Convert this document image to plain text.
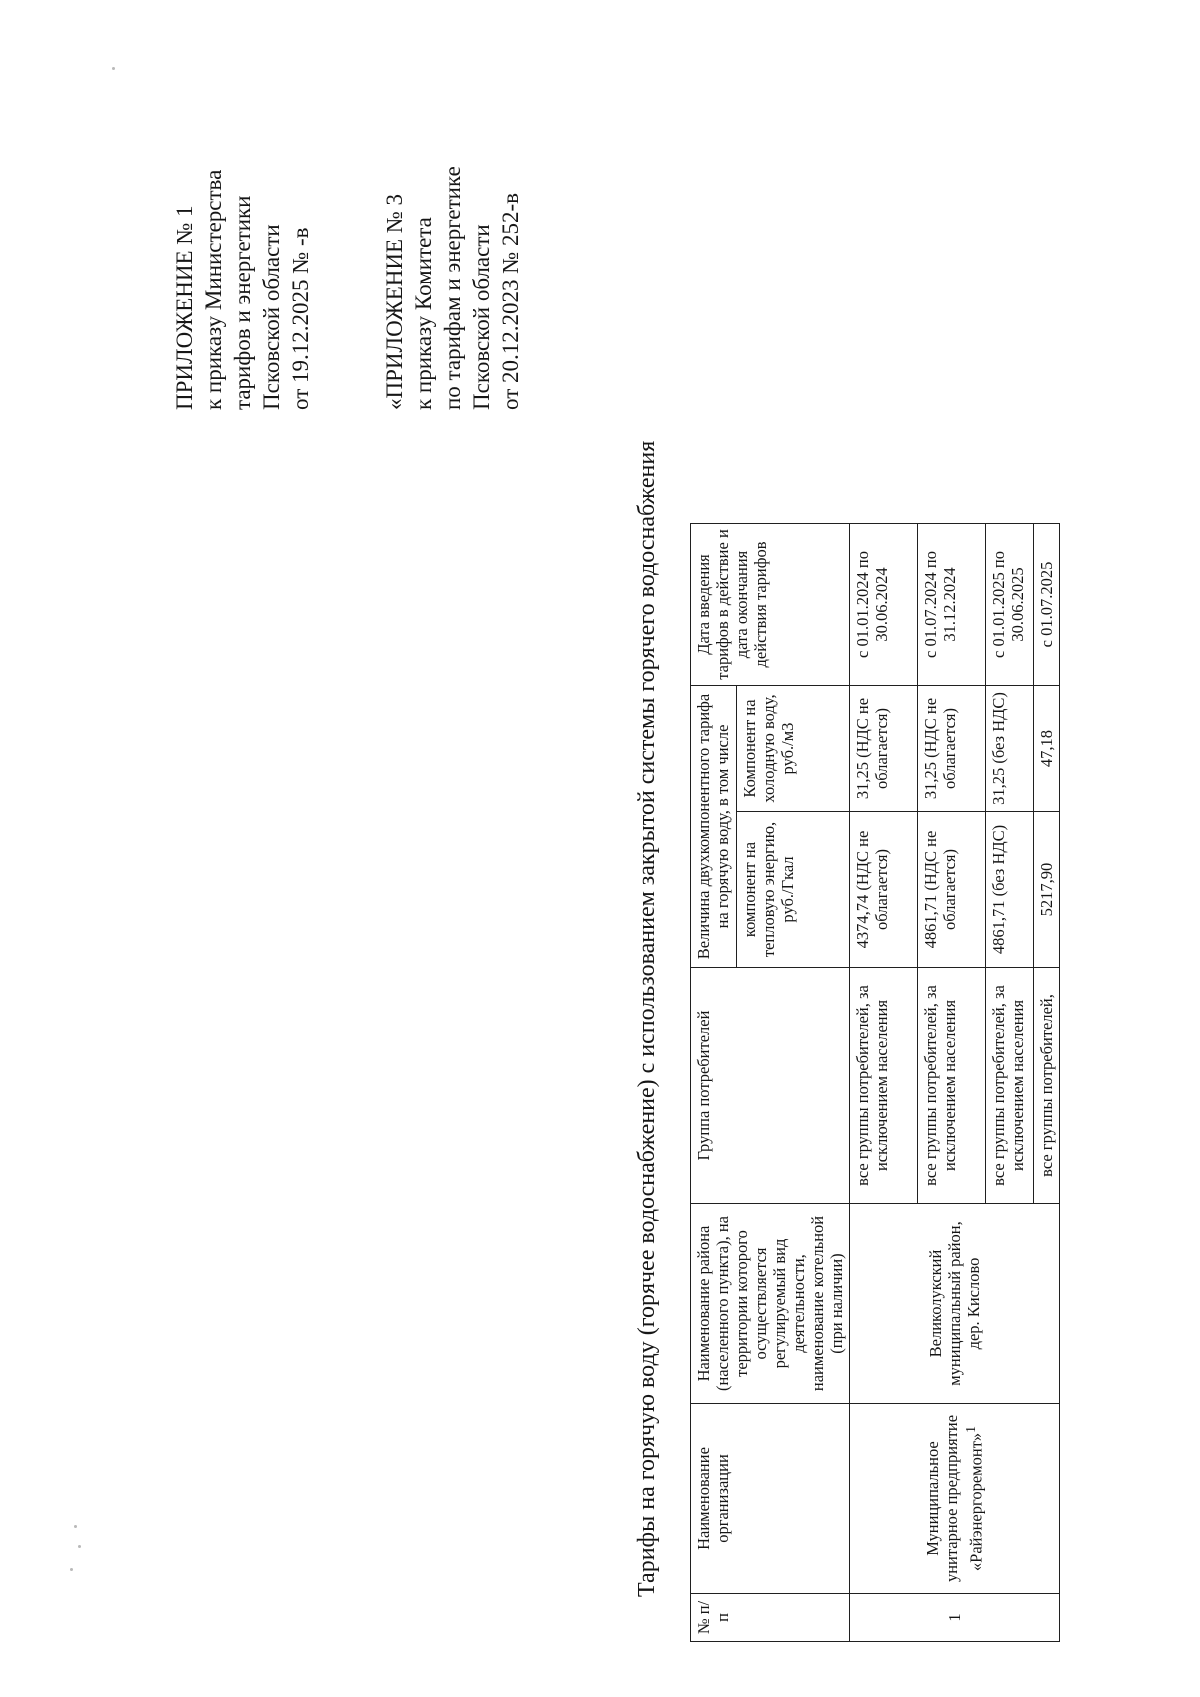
ПРИЛОЖЕНИЕ № 1 к приказу Министерства тарифов и энергетики Псковской области от 19.12.2025 № -в	«ПРИЛОЖЕНИЕ № 3 к приказу Комитета по тарифам и энергетике Псковской области от 20.12.2023 № 252-в
Тарифы на горячую воду (горячее водоснабжение) с использованием закрытой системы горячего водоснабжения
№ п/п	Наименование организации	Наименование района (населенного пункта), на территории которого осуществляется регулируемый вид деятельности, наименование котельной (при наличии)	Группа потребителей	Величина двухкомпонентного тарифа на горячую воду, в том числе		Дата введения тарифов в действие и дата окончания действия тарифов
				компонент на тепловую энергию, руб./Гкал	Компонент на холодную воду, руб./м3	
1	Муниципальное унитарное предприятие «Райэнергоремонт»$^1$	Великолукский муниципальный район, дер. Кислово	все группы потребителей, за исключением населения	4374,74 (НДС не облагается)	31,25 (НДС не облагается)	с 01.01.2024 по 30.06.2024
			все группы потребителей, за исключением населения	4861,71 (НДС не облагается)	31,25 (НДС не облагается)	с 01.07.2024 по 31.12.2024
			все группы потребителей, за исключением населения	4861,71 (без НДС)	31,25 (без НДС)	с 01.01.2025 по 30.06.2025
			все группы потребителей,	5217,90	47,18	с 01.07.2025
